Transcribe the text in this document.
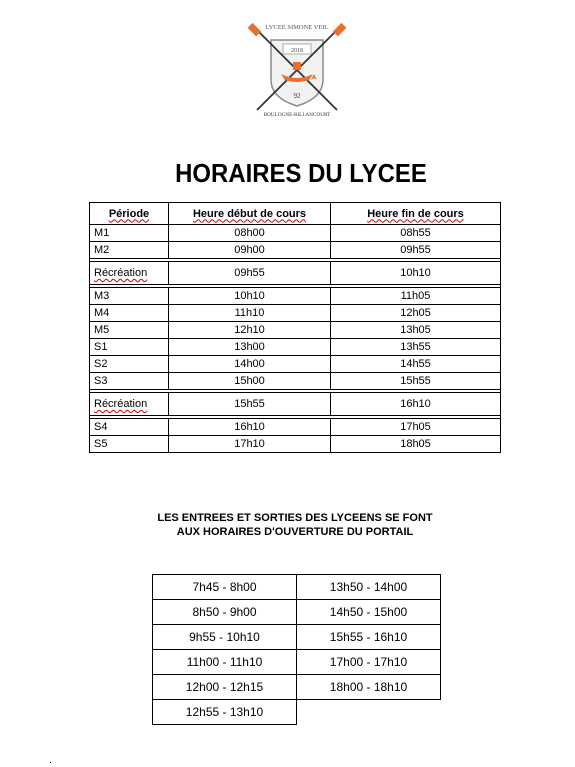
LYCEE SIMONE VEIL
2018
92
BOULOGNE-BILLANCOURT
HORAIRES DU LYCEE
Période	Heure début de cours	Heure fin de cours
M1	08h00	08h55
M2	09h00	09h55

Récréation	09h55	10h10

M3	10h10	11h05
M4	11h10	12h05
M5	12h10	13h05
S1	13h00	13h55
S2	14h00	14h55
S3	15h00	15h55

Récréation	15h55	16h10

S4	16h10	17h05
S5	17h10	18h05
LES ENTREES ET SORTIES DES LYCEENS SE FONT
AUX HORAIRES D'OUVERTURE DU PORTAIL
7h45 - 8h00	13h50 - 14h00
8h50 - 9h00	14h50 - 15h00
9h55 - 10h10	15h55 - 16h10
11h00 - 11h10	17h00 - 17h10
12h00 - 12h15	18h00 - 18h10
12h55 - 13h10	
